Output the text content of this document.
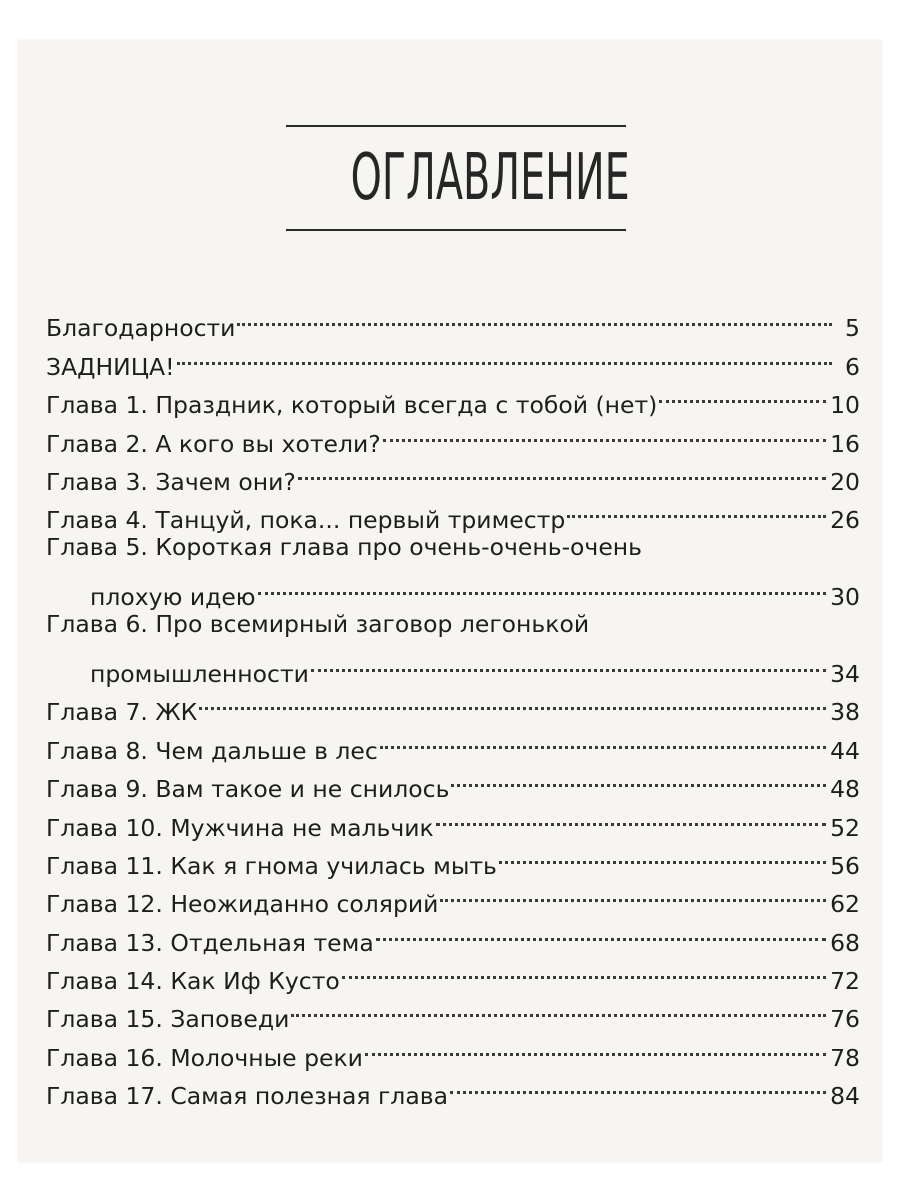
ОГЛАВЛЕНИЕ
Благодарности	5
ЗАДНИЦА!	6
Глава 1. Праздник, который всегда с тобой (нет)	10
Глава 2. А кого вы хотели?	16
Глава 3. Зачем они?	20
Глава 4. Танцуй, пока... первый триместр	26
Глава 5. Короткая глава про очень-очень-очень
плохую идею	30
Глава 6. Про всемирный заговор легонькой
промышленности	34
Глава 7. ЖК	38
Глава 8. Чем дальше в лес	44
Глава 9. Вам такое и не снилось	48
Глава 10. Мужчина не мальчик	52
Глава 11. Как я гнома училась мыть	56
Глава 12. Неожиданно солярий	62
Глава 13. Отдельная тема	68
Глава 14. Как Иф Кусто	72
Глава 15. Заповеди	76
Глава 16. Молочные реки	78
Глава 17. Самая полезная глава	84
